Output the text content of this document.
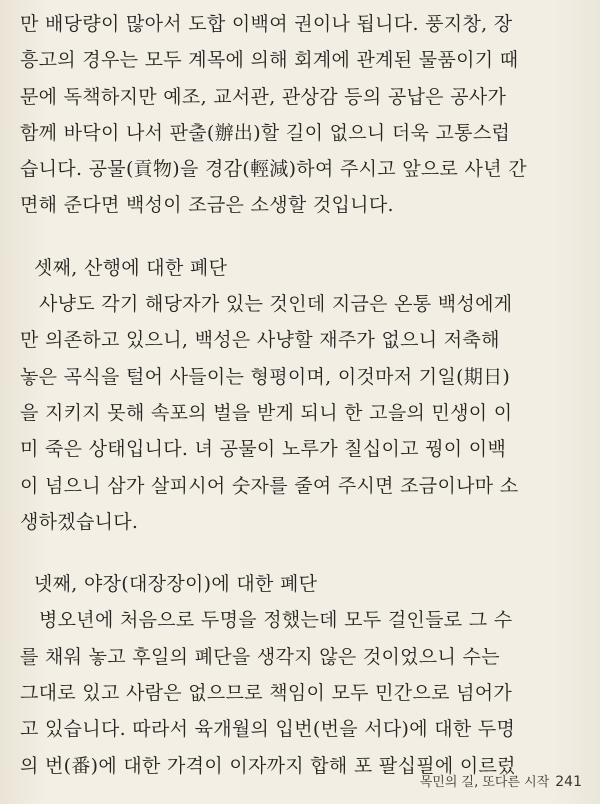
만 배당량이 많아서 도합 이백여 권이나 됩니다. 풍지창, 장
흥고의 경우는 모두 계목에 의해 회계에 관계된 물품이기 때
문에 독책하지만 예조, 교서관, 관상감 등의 공납은 공사가
함께 바닥이 나서 판출(辦出)할 길이 없으니 더욱 고통스럽
습니다. 공물(貢物)을 경감(輕減)하여 주시고 앞으로 사년 간
면해 준다면 백성이 조금은 소생할 것입니다.
셋째, 산행에 대한 폐단
사냥도 각기 해당자가 있는 것인데 지금은 온통 백성에게
만 의존하고 있으니, 백성은 사냥할 재주가 없으니 저축해
놓은 곡식을 털어 사들이는 형평이며, 이것마저 기일(期日)
을 지키지 못해 속포의 벌을 받게 되니 한 고을의 민생이 이
미 죽은 상태입니다. 녀 공물이 노루가 칠십이고 꿩이 이백
이 넘으니 삼가 살피시어 숫자를 줄여 주시면 조금이나마 소
생하겠습니다.
넷째, 야장(대장장이)에 대한 폐단
병오년에 처음으로 두명을 정했는데 모두 걸인들로 그 수
를 채워 놓고 후일의 폐단을 생각지 않은 것이었으니 수는
그대로 있고 사람은 없으므로 책임이 모두 민간으로 넘어가
고 있습니다. 따라서 육개월의 입번(번을 서다)에 대한 두명
의 번(番)에 대한 가격이 이자까지 합해 포 팔십필에 이르렀
목민의 길, 또다른 시작 241
